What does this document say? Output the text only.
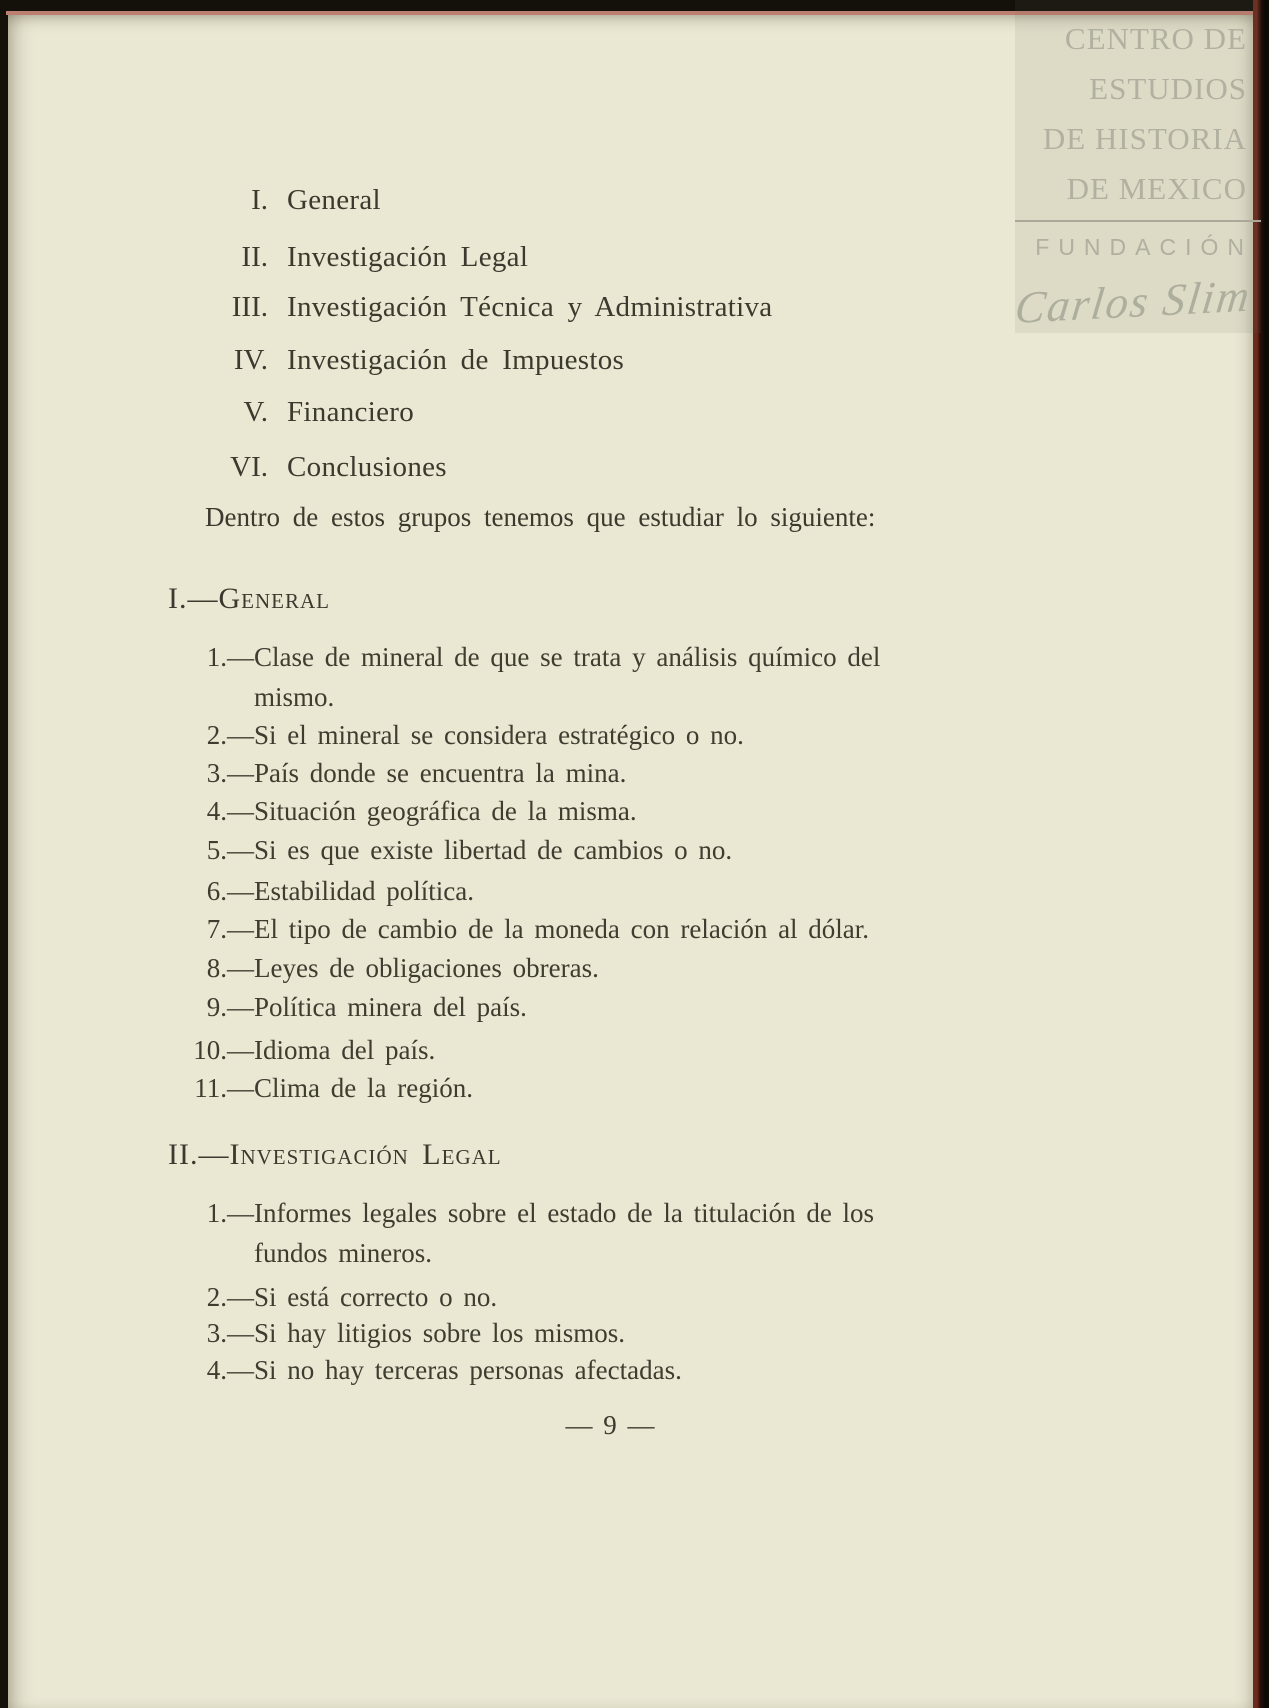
CENTRO DE
ESTUDIOS
DE HISTORIA
DE MEXICO
FUNDACIÓN
Carlos Slim
I. General
II. Investigación Legal
III. Investigación Técnica y Administrativa
IV. Investigación de Impuestos
V. Financiero
VI. Conclusiones
Dentro de estos grupos tenemos que estudiar lo siguiente:
I.—General
1. —Clase de mineral de que se trata y análisis químico del
mismo.
2. —Si el mineral se considera estratégico o no.
3. —País donde se encuentra la mina.
4. —Situación geográfica de la misma.
5. —Si es que existe libertad de cambios o no.
6. —Estabilidad política.
7. —El tipo de cambio de la moneda con relación al dólar.
8. —Leyes de obligaciones obreras.
9. —Política minera del país.
10. —Idioma del país.
11. —Clima de la región.
II.—Investigación Legal
1. —Informes legales sobre el estado de la titulación de los
fundos mineros.
2. —Si está correcto o no.
3. —Si hay litigios sobre los mismos.
4. —Si no hay terceras personas afectadas.
— 9 —
